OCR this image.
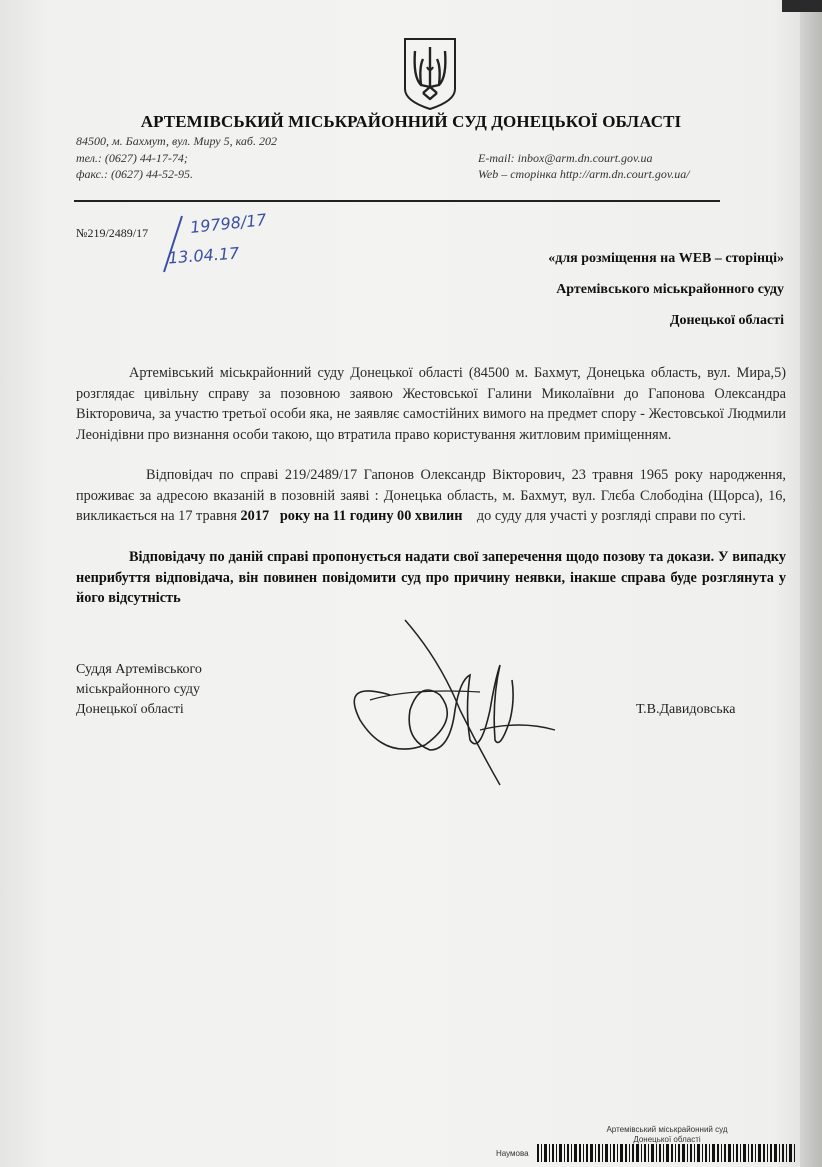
АРТЕМІВСЬКИЙ МІСЬКРАЙОННИЙ СУД ДОНЕЦЬКОЇ ОБЛАСТІ
84500, м. Бахмут, вул. Миру 5, каб. 202
тел.: (0627) 44-17-74;
факс.: (0627) 44-52-95.
E-mail: inbox@arm.dn.court.gov.ua
Web – сторінка http://arm.dn.court.gov.ua/
№219/2489/17	19798/17
13.04.17	«для розміщення на WEB – сторінці»
Артемівського міськрайонного суду
Донецької області

Артемівський міськрайонний суду Донецької області (84500 м. Бахмут, Донецька область, вул. Мира,5) розглядає цивільну справу за позовною заявою Жестовської Галини Миколаївни до Гапонова Олександра Вікторовича, за участю третьої особи яка, не заявляє самостійних вимого на предмет спору - Жестовської Людмили Леонідівни про визнання особи такою, що втратила право користування житловим приміщенням.

Відповідач по справі 219/2489/17 Гапонов Олександр Вікторович, 23 травня 1965 року народження, проживає за адресою вказаній в позовній заяві : Донецька область, м. Бахмут, вул. Глєба Слободіна (Щорса), 16, викликається на 17 травня 2017   року на 11 годину 00 хвилин    до суду для участі у розгляді справи по суті.

Відповідачу по даній справі пропонується надати свої заперечення щодо позову та докази. У випадку неприбуття відповідача, він повинен повідомити суд про причину неявки, інакше справа буде розглянута у його відсутність

Суддя Артемівського
міськрайонного суду
Донецької області	Т.В.Давидовська
Артемівський міськрайонний суд
Донецької області
Наумова
